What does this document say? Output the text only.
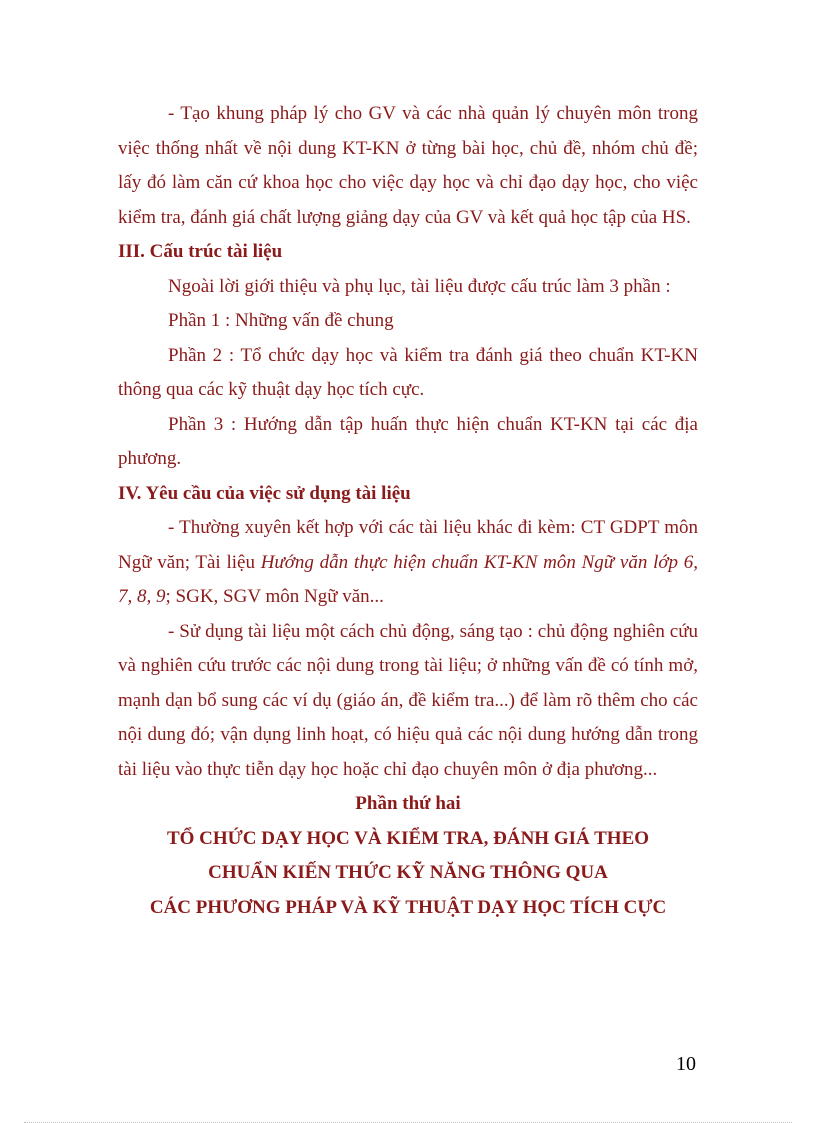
- Tạo khung pháp lý cho GV và các nhà quản lý chuyên môn trong việc thống nhất về nội dung KT-KN ở từng bài học, chủ đề, nhóm chủ đề; lấy đó làm căn cứ khoa học cho việc dạy học và chỉ đạo dạy học, cho việc kiểm tra, đánh giá chất lượng giảng dạy của GV và kết quả học tập của HS.

III. Cấu trúc tài liệu

Ngoài lời giới thiệu và phụ lục, tài liệu được cấu trúc làm 3 phần :

Phần 1 : Những vấn đề chung

Phần 2 : Tổ chức dạy học và kiểm tra đánh giá theo chuẩn KT-KN thông qua các kỹ thuật dạy học tích cực.

Phần 3 : Hướng dẫn tập huấn thực hiện chuẩn KT-KN tại các địa phương.

IV. Yêu cầu của việc sử dụng tài liệu

- Thường xuyên kết hợp với các tài liệu khác đi kèm: CT GDPT môn Ngữ văn; Tài liệu Hướng dẫn thực hiện chuẩn KT-KN môn Ngữ văn lớp 6, 7, 8, 9; SGK, SGV môn Ngữ văn...

- Sử dụng tài liệu một cách chủ động, sáng tạo : chủ động nghiên cứu và nghiên cứu trước các nội dung trong tài liệu; ở những vấn đề có tính mở, mạnh dạn bổ sung các ví dụ (giáo án, đề kiểm tra...) để làm rõ thêm cho các nội dung đó; vận dụng linh hoạt, có hiệu quả các nội dung hướng dẫn trong tài liệu vào thực tiễn dạy học hoặc chỉ đạo chuyên môn ở địa phương...

Phần thứ hai

TỔ CHỨC DẠY HỌC VÀ KIỂM TRA, ĐÁNH GIÁ THEO

CHUẨN KIẾN THỨC KỸ NĂNG THÔNG QUA

CÁC PHƯƠNG PHÁP VÀ KỸ THUẬT DẠY HỌC TÍCH CỰC

10
